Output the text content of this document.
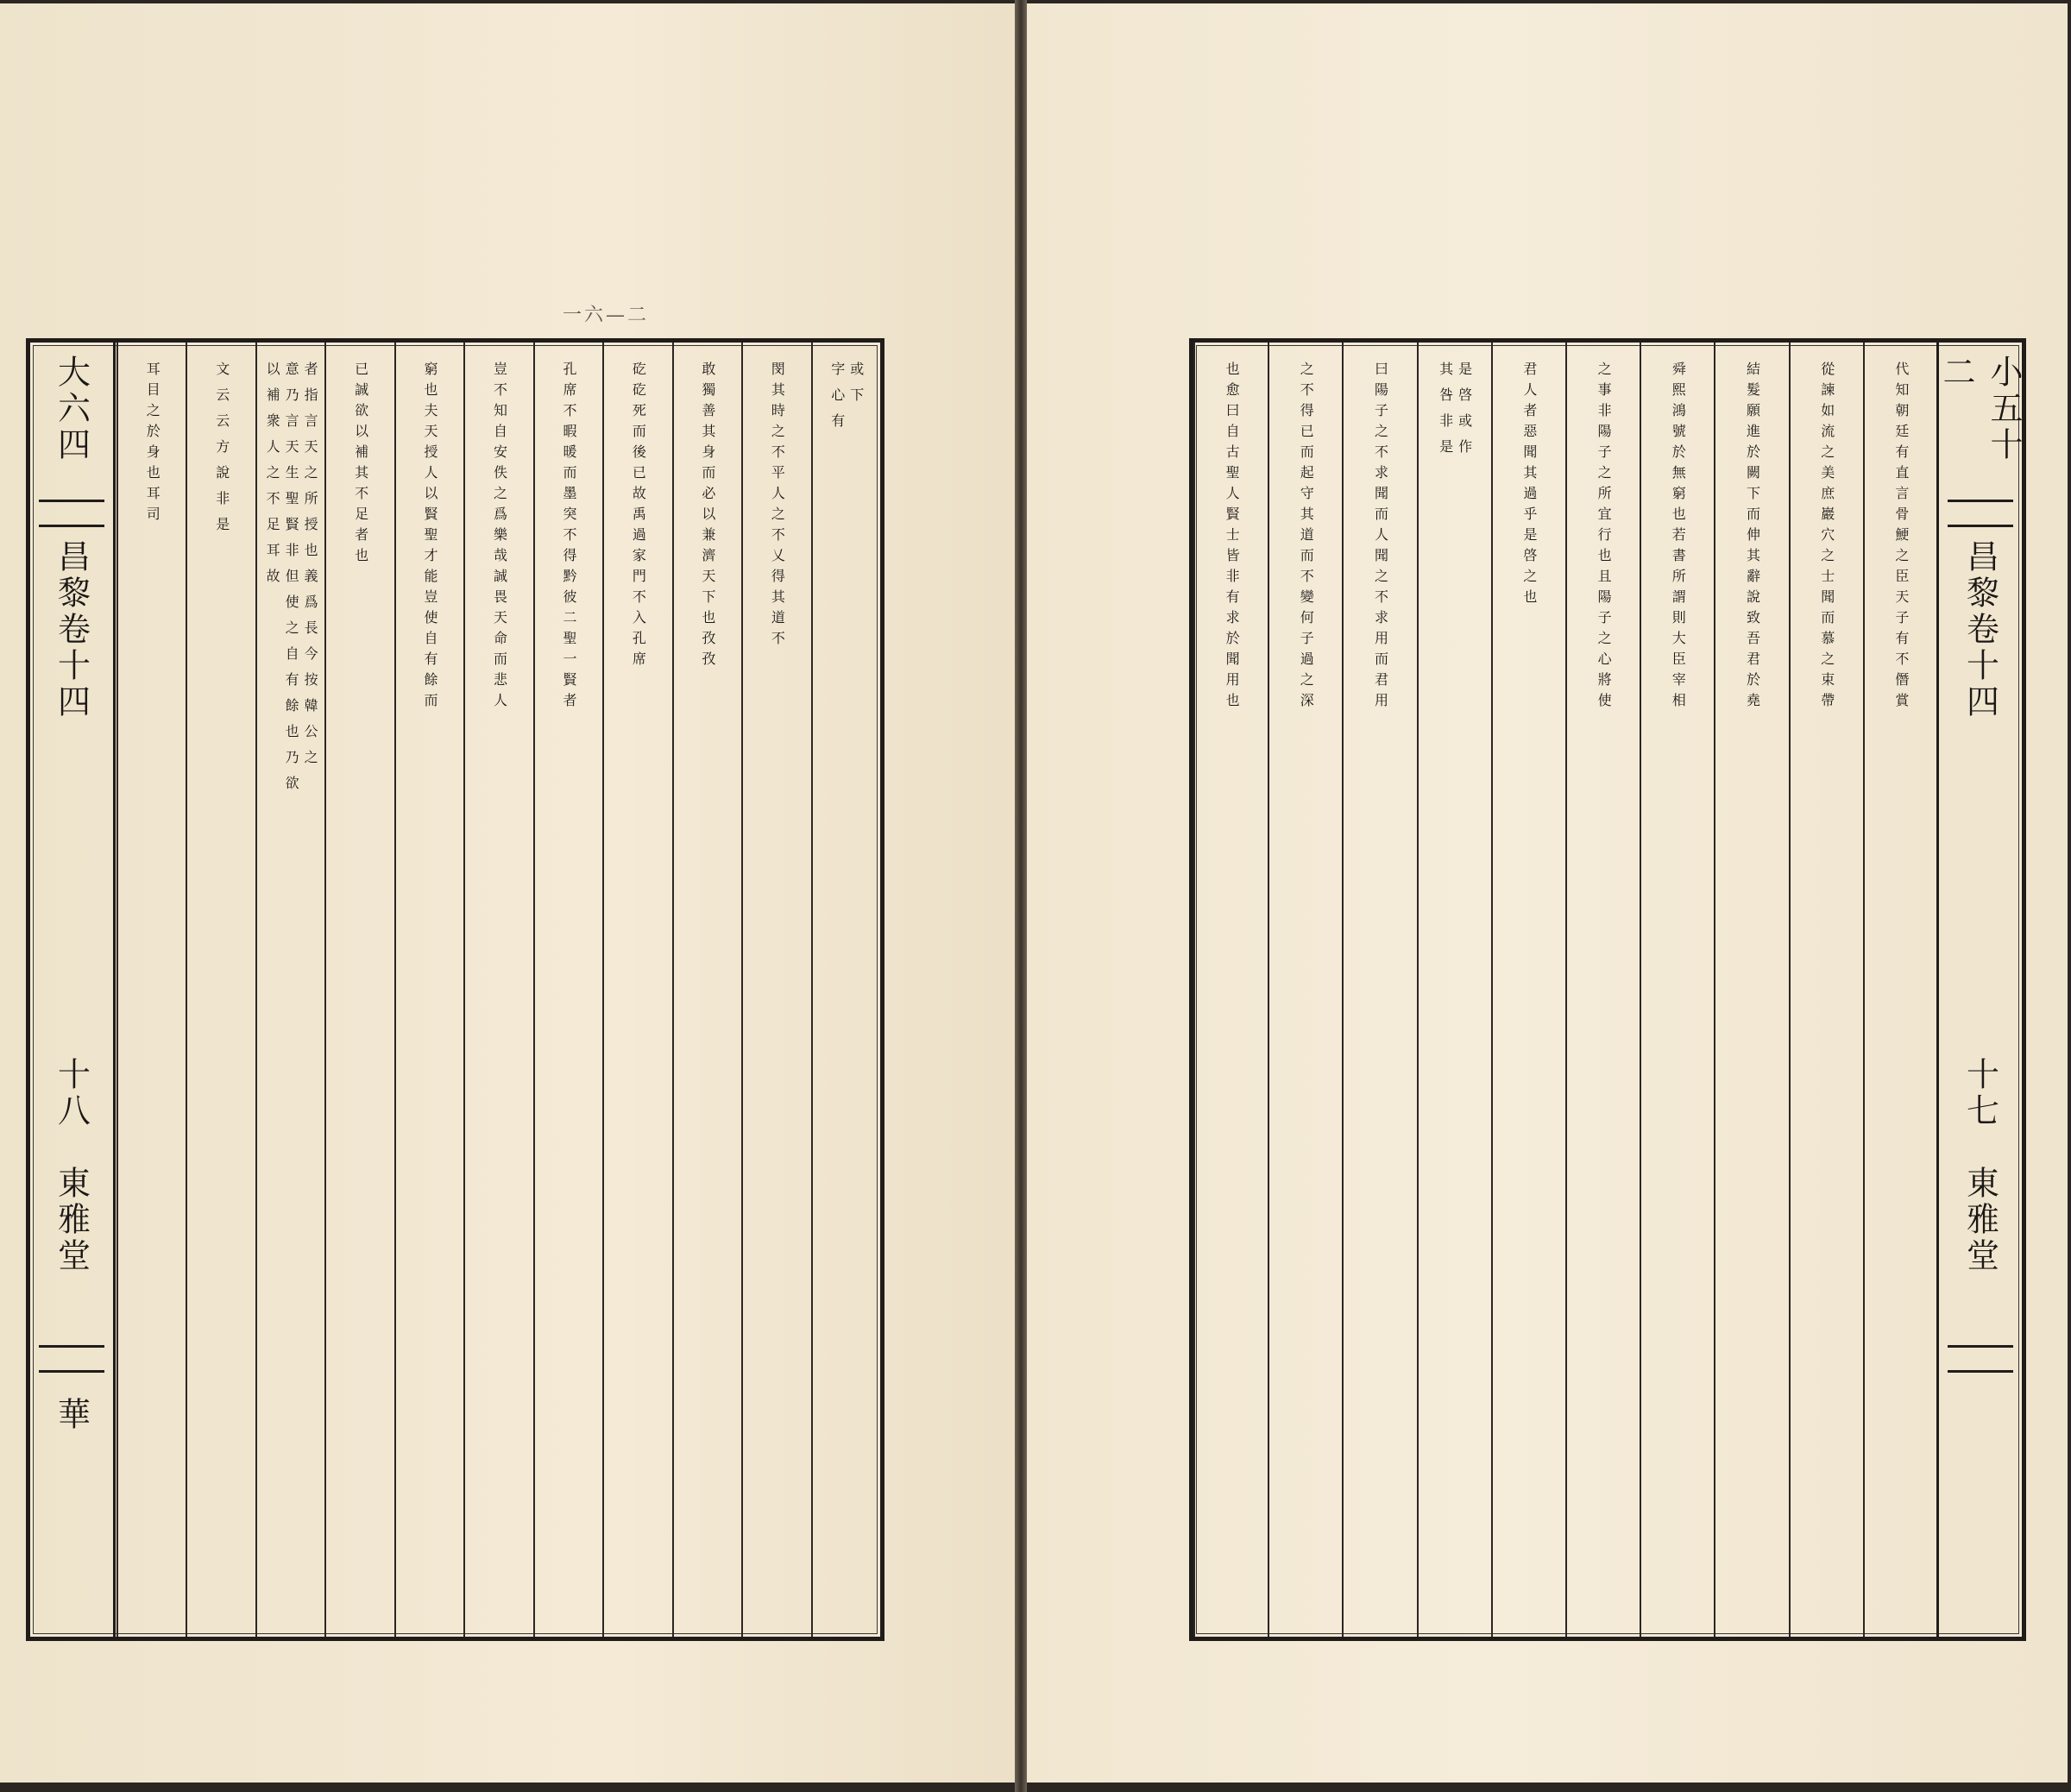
一六—二
大六四
昌黎卷十四
十八
東雅堂
華
或下
字心有
閔其時之不平人之不乂得其道不
敢獨善其身而必以兼濟天下也孜孜
矻矻死而後已故禹過家門不入孔席
孔席不暇暖而墨突不得黔彼二聖一賢者
豈不知自安佚之爲樂哉誠畏天命而悲人
窮也夫天授人以賢聖才能豈使自有餘而
已誠欲以補其不足者也
者指言天之所授也義爲長今按韓公之
意乃言天生聖賢非但使之自有餘也乃欲
以補衆人之不足耳故
文云云方說非是
耳目之於身也耳司	小五十二
昌黎卷十四
十七
東雅堂
代知朝廷有直言骨鯁之臣天子有不僭賞
從諫如流之美庶巖穴之士聞而慕之束帶
結髮願進於闕下而伸其辭說致吾君於堯
舜熙鴻號於無窮也若書所謂則大臣宰相
之事非陽子之所宜行也且陽子之心將使
君人者惡聞其過乎是啓之也
是啓或作
其咎非是
曰陽子之不求聞而人聞之不求用而君用
之不得已而起守其道而不變何子過之深
也愈曰自古聖人賢士皆非有求於聞用也
